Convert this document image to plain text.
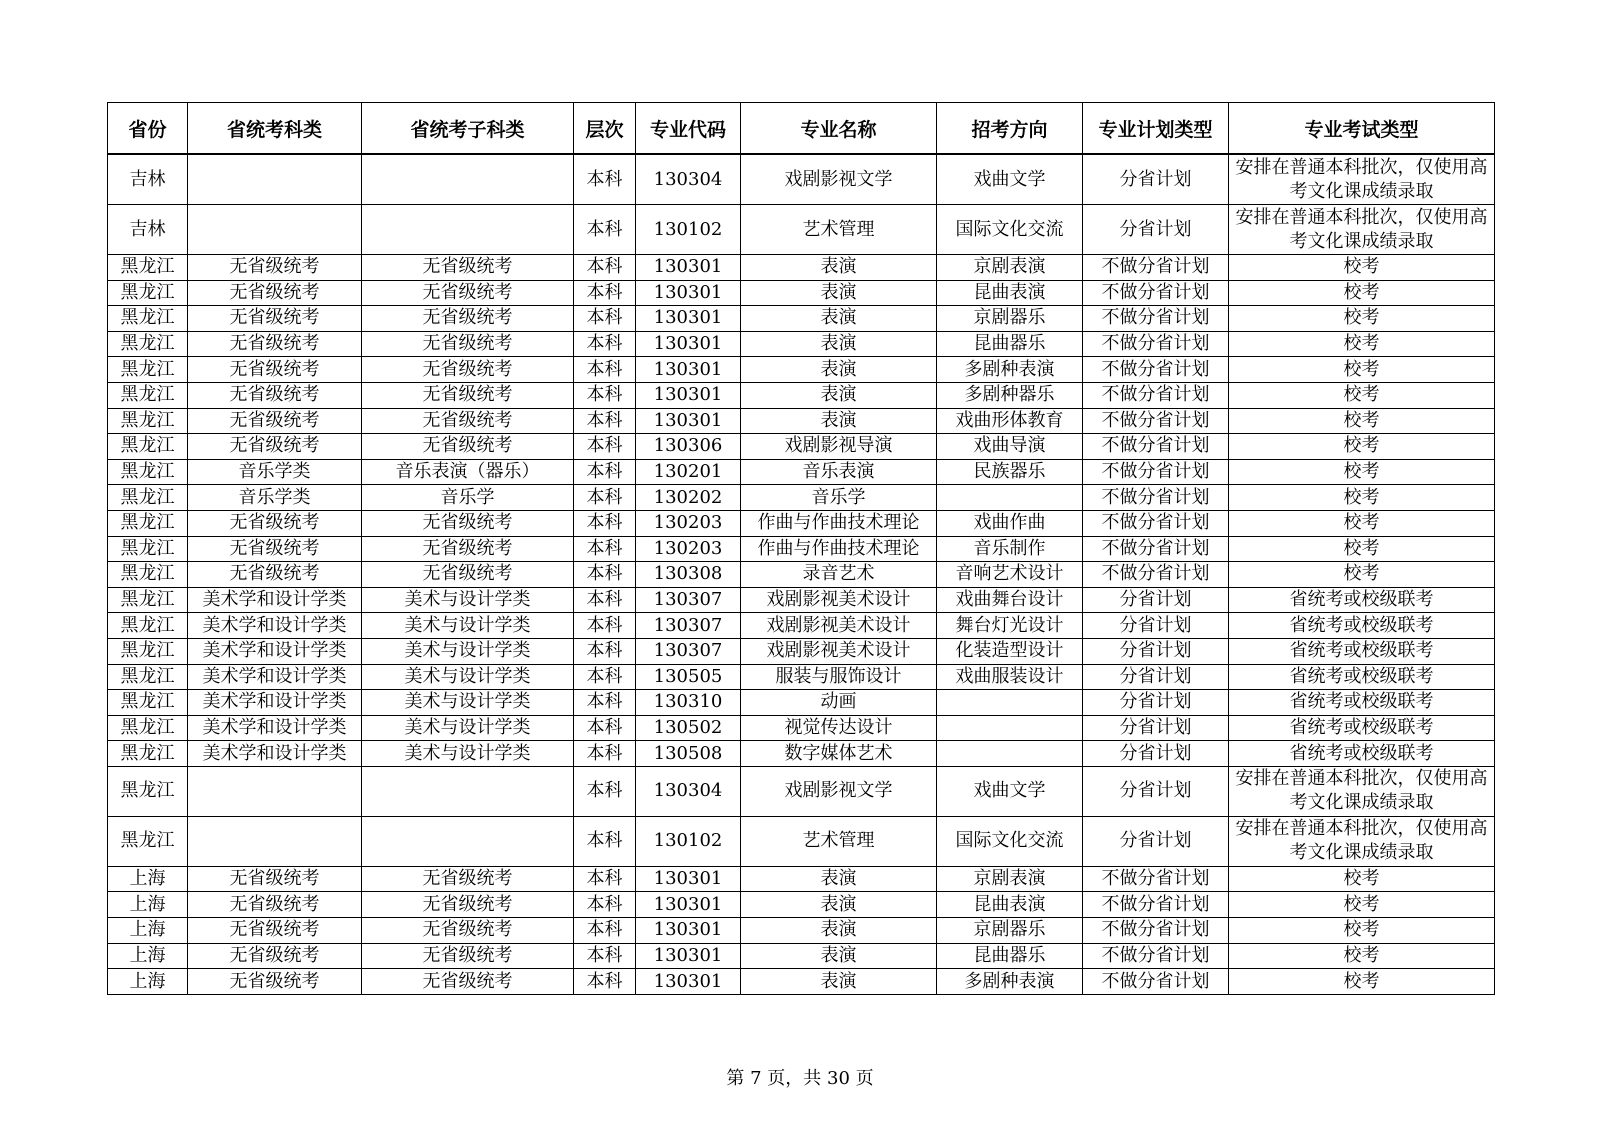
省份	省统考科类	省统考子科类	层次	专业代码	专业名称	招考方向	专业计划类型	专业考试类型
吉林			本科	130304	戏剧影视文学	戏曲文学	分省计划	安排在普通本科批次，仅使用高考文化课成绩录取
吉林			本科	130102	艺术管理	国际文化交流	分省计划	安排在普通本科批次，仅使用高考文化课成绩录取
黑龙江	无省级统考	无省级统考	本科	130301	表演	京剧表演	不做分省计划	校考
黑龙江	无省级统考	无省级统考	本科	130301	表演	昆曲表演	不做分省计划	校考
黑龙江	无省级统考	无省级统考	本科	130301	表演	京剧器乐	不做分省计划	校考
黑龙江	无省级统考	无省级统考	本科	130301	表演	昆曲器乐	不做分省计划	校考
黑龙江	无省级统考	无省级统考	本科	130301	表演	多剧种表演	不做分省计划	校考
黑龙江	无省级统考	无省级统考	本科	130301	表演	多剧种器乐	不做分省计划	校考
黑龙江	无省级统考	无省级统考	本科	130301	表演	戏曲形体教育	不做分省计划	校考
黑龙江	无省级统考	无省级统考	本科	130306	戏剧影视导演	戏曲导演	不做分省计划	校考
黑龙江	音乐学类	音乐表演（器乐）	本科	130201	音乐表演	民族器乐	不做分省计划	校考
黑龙江	音乐学类	音乐学	本科	130202	音乐学		不做分省计划	校考
黑龙江	无省级统考	无省级统考	本科	130203	作曲与作曲技术理论	戏曲作曲	不做分省计划	校考
黑龙江	无省级统考	无省级统考	本科	130203	作曲与作曲技术理论	音乐制作	不做分省计划	校考
黑龙江	无省级统考	无省级统考	本科	130308	录音艺术	音响艺术设计	不做分省计划	校考
黑龙江	美术学和设计学类	美术与设计学类	本科	130307	戏剧影视美术设计	戏曲舞台设计	分省计划	省统考或校级联考
黑龙江	美术学和设计学类	美术与设计学类	本科	130307	戏剧影视美术设计	舞台灯光设计	分省计划	省统考或校级联考
黑龙江	美术学和设计学类	美术与设计学类	本科	130307	戏剧影视美术设计	化装造型设计	分省计划	省统考或校级联考
黑龙江	美术学和设计学类	美术与设计学类	本科	130505	服装与服饰设计	戏曲服装设计	分省计划	省统考或校级联考
黑龙江	美术学和设计学类	美术与设计学类	本科	130310	动画		分省计划	省统考或校级联考
黑龙江	美术学和设计学类	美术与设计学类	本科	130502	视觉传达设计		分省计划	省统考或校级联考
黑龙江	美术学和设计学类	美术与设计学类	本科	130508	数字媒体艺术		分省计划	省统考或校级联考
黑龙江			本科	130304	戏剧影视文学	戏曲文学	分省计划	安排在普通本科批次，仅使用高考文化课成绩录取
黑龙江			本科	130102	艺术管理	国际文化交流	分省计划	安排在普通本科批次，仅使用高考文化课成绩录取
上海	无省级统考	无省级统考	本科	130301	表演	京剧表演	不做分省计划	校考
上海	无省级统考	无省级统考	本科	130301	表演	昆曲表演	不做分省计划	校考
上海	无省级统考	无省级统考	本科	130301	表演	京剧器乐	不做分省计划	校考
上海	无省级统考	无省级统考	本科	130301	表演	昆曲器乐	不做分省计划	校考
上海	无省级统考	无省级统考	本科	130301	表演	多剧种表演	不做分省计划	校考
第 7 页，共 30 页
